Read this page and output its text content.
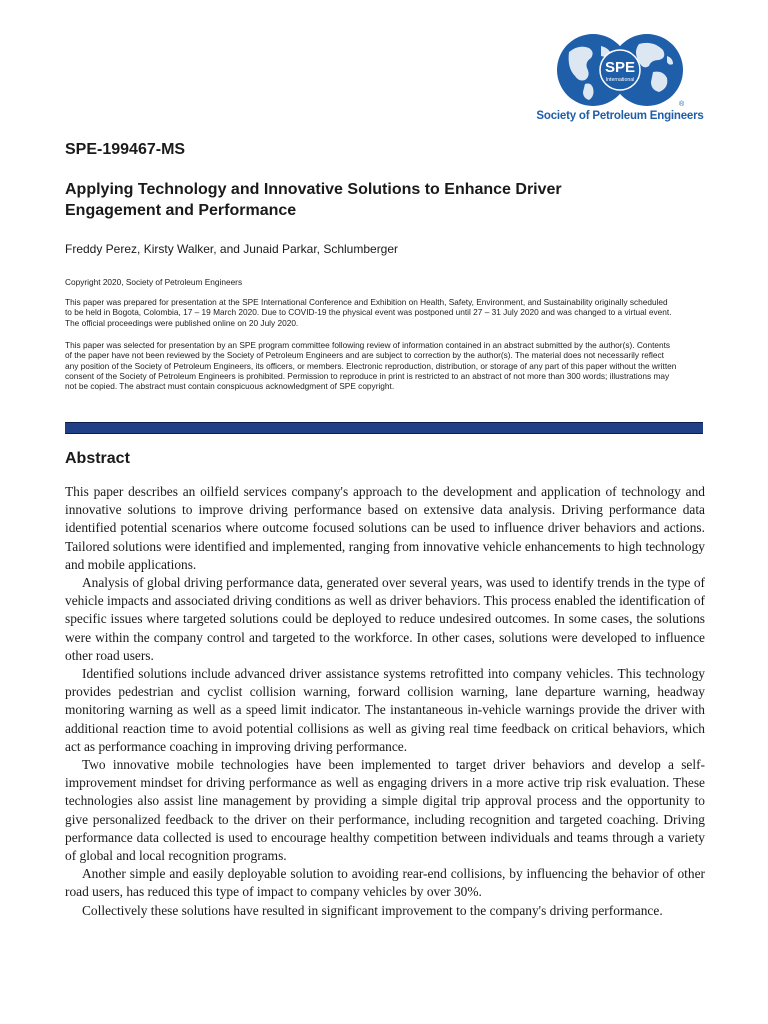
SPE
International
®
Society of Petroleum Engineers
SPE-199467-MS
Applying Technology and Innovative Solutions to Enhance Driver
Engagement and Performance
Freddy Perez, Kirsty Walker, and Junaid Parkar, Schlumberger
Copyright 2020, Society of Petroleum Engineers
This paper was prepared for presentation at the SPE International Conference and Exhibition on Health, Safety, Environment, and Sustainability originally scheduled
to be held in Bogota, Colombia, 17 – 19 March 2020. Due to COVID-19 the physical event was postponed until 27 – 31 July 2020 and was changed to a virtual event.
The official proceedings were published online on 20 July 2020.
This paper was selected for presentation by an SPE program committee following review of information contained in an abstract submitted by the author(s). Contents
of the paper have not been reviewed by the Society of Petroleum Engineers and are subject to correction by the author(s). The material does not necessarily reflect
any position of the Society of Petroleum Engineers, its officers, or members. Electronic reproduction, distribution, or storage of any part of this paper without the written
consent of the Society of Petroleum Engineers is prohibited. Permission to reproduce in print is restricted to an abstract of not more than 300 words; illustrations may
not be copied. The abstract must contain conspicuous acknowledgment of SPE copyright.
Abstract

This paper describes an oilfield services company's approach to the development and application of technology and innovative solutions to improve driving performance based on extensive data analysis. Driving performance data identified potential scenarios where outcome focused solutions can be used to influence driver behaviors and actions. Tailored solutions were identified and implemented, ranging from innovative vehicle enhancements to high technology and mobile applications.

Analysis of global driving performance data, generated over several years, was used to identify trends in the type of vehicle impacts and associated driving conditions as well as driver behaviors. This process enabled the identification of specific issues where targeted solutions could be deployed to reduce undesired outcomes. In some cases, the solutions were within the company control and targeted to the workforce. In other cases, solutions were developed to influence other road users.

Identified solutions include advanced driver assistance systems retrofitted into company vehicles. This technology provides pedestrian and cyclist collision warning, forward collision warning, lane departure warning, headway monitoring warning as well as a speed limit indicator. The instantaneous in-vehicle warnings provide the driver with additional reaction time to avoid potential collisions as well as giving real time feedback on critical behaviors, which act as performance coaching in improving driving performance.

Two innovative mobile technologies have been implemented to target driver behaviors and develop a self-improvement mindset for driving performance as well as engaging drivers in a more active trip risk evaluation. These technologies also assist line management by providing a simple digital trip approval process and the opportunity to give personalized feedback to the driver on their performance, including recognition and targeted coaching. Driving performance data collected is used to encourage healthy competition between individuals and teams through a variety of global and local recognition programs.

Another simple and easily deployable solution to avoiding rear-end collisions, by influencing the behavior of other road users, has reduced this type of impact to company vehicles by over 30%.

Collectively these solutions have resulted in significant improvement to the company's driving performance.
